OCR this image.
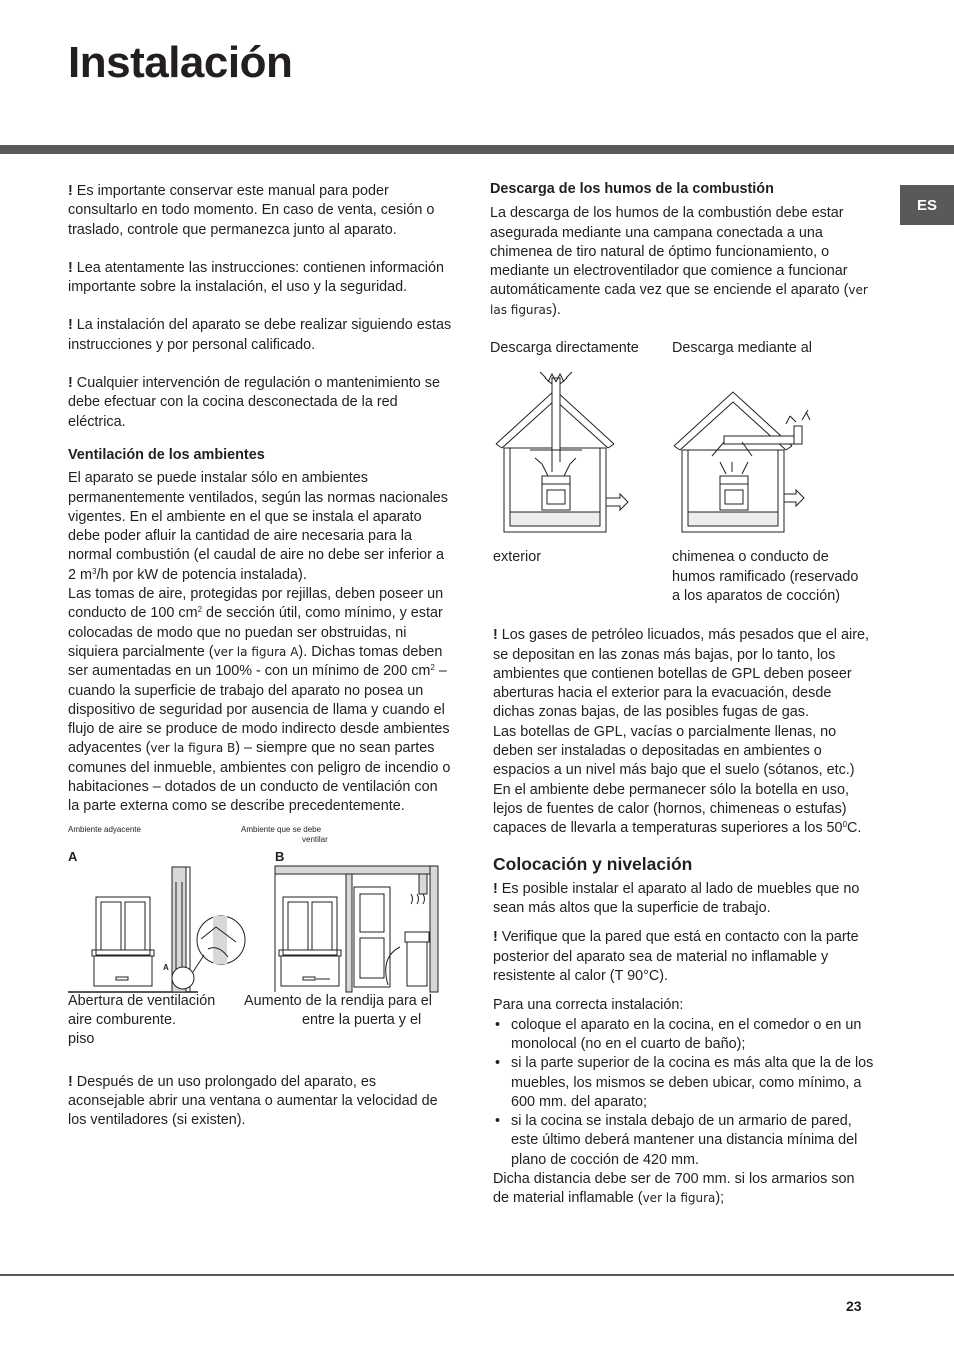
Instalación
ES

! Es importante conservar este manual para poder consultarlo en todo momento. En caso de venta, cesión o traslado, controle que permanezca junto al aparato.

! Lea atentamente las instrucciones: contienen información importante sobre la instalación, el uso y la seguridad.

! La instalación del aparato se debe realizar siguiendo estas instrucciones y por personal calificado.

! Cualquier intervención de regulación o mantenimiento se debe efectuar con la cocina desconectada de la red eléctrica.

Ventilación de los ambientes

El aparato se puede instalar sólo en ambientes permanentemente ventilados, según las normas nacionales vigentes. En el ambiente en el que se instala el aparato debe poder afluir la cantidad de aire necesaria para la normal combustión (el caudal de aire no debe ser inferior a 2 $m^3/h$ por kW de potencia instalada).

Las tomas de aire, protegidas por rejillas, deben poseer un conducto de 100 $cm^2$ de sección útil, como mínimo, y estar colocadas de modo que no puedan ser obstruidas, ni siquiera parcialmente (ver la figura A). Dichas tomas deben ser aumentadas en un 100% - con un mínimo de 200 $cm^2$ – cuando la superficie de trabajo del aparato no posea un dispositivo de seguridad por ausencia de llama y cuando el flujo de aire se produce de modo indirecto desde ambientes adyacentes (ver la figura B) – siempre que no sean partes comunes del inmueble, ambientes con peligro de incendio o habitaciones – dotados de un conducto de ventilación con la parte externa como se describe precedentemente.

Ambiente adyacente	Ambiente que se debe
ventilar
A	B
A
Abertura de ventilación aire comburente.
Aumento de la rendija para el
entre la puerta y el
piso

! Después de un uso prolongado del aparato, es aconsejable abrir una ventana o aumentar la velocidad de los ventiladores (si existen).

Descarga de los humos de la combustión

La descarga de los humos de la combustión debe estar asegurada mediante una campana conectada a una chimenea de tiro natural de óptimo funcionamiento, o mediante un electroventilador que comience a funcionar automáticamente cada vez que se enciende el aparato (ver las figuras).

Descarga directamente	Descarga mediante al
exterior	chimenea o conducto de humos ramificado (reservado a los aparatos de cocción)

! Los gases de petróleo licuados, más pesados que el aire, se depositan en las zonas más bajas, por lo tanto, los ambientes que contienen botellas de GPL deben poseer aberturas hacia el exterior para la evacuación, desde dichas zonas bajas, de las posibles fugas de gas.

Las botellas de GPL, vacías o parcialmente llenas, no deben ser instaladas o depositadas en ambientes o espacios a un nivel más bajo que el suelo (sótanos, etc.) En el ambiente debe permanecer sólo la botella en uso, lejos de fuentes de calor (hornos, chimeneas o estufas) capaces de llevarla a temperaturas superiores a los $50^0C$.

Colocación y nivelación

! Es posible instalar el aparato al lado de muebles que no sean más altos que la superficie de trabajo.

! Verifique que la pared que está en contacto con la parte posterior del aparato sea de material no inflamable y resistente al calor (T 90°C).

Para una correcta instalación:

• coloque el aparato en la cocina, en el comedor o en un monolocal (no en el cuarto de baño);
• si la parte superior de la cocina es más alta que la de los muebles, los mismos se deben ubicar, como mínimo, a 600 mm. del aparato;
• si la cocina se instala debajo de un armario de pared, este último deberá mantener una distancia mínima del plano de cocción de 420 mm.

Dicha distancia debe ser de 700 mm. si los armarios son de material inflamable (ver la figura);

23
